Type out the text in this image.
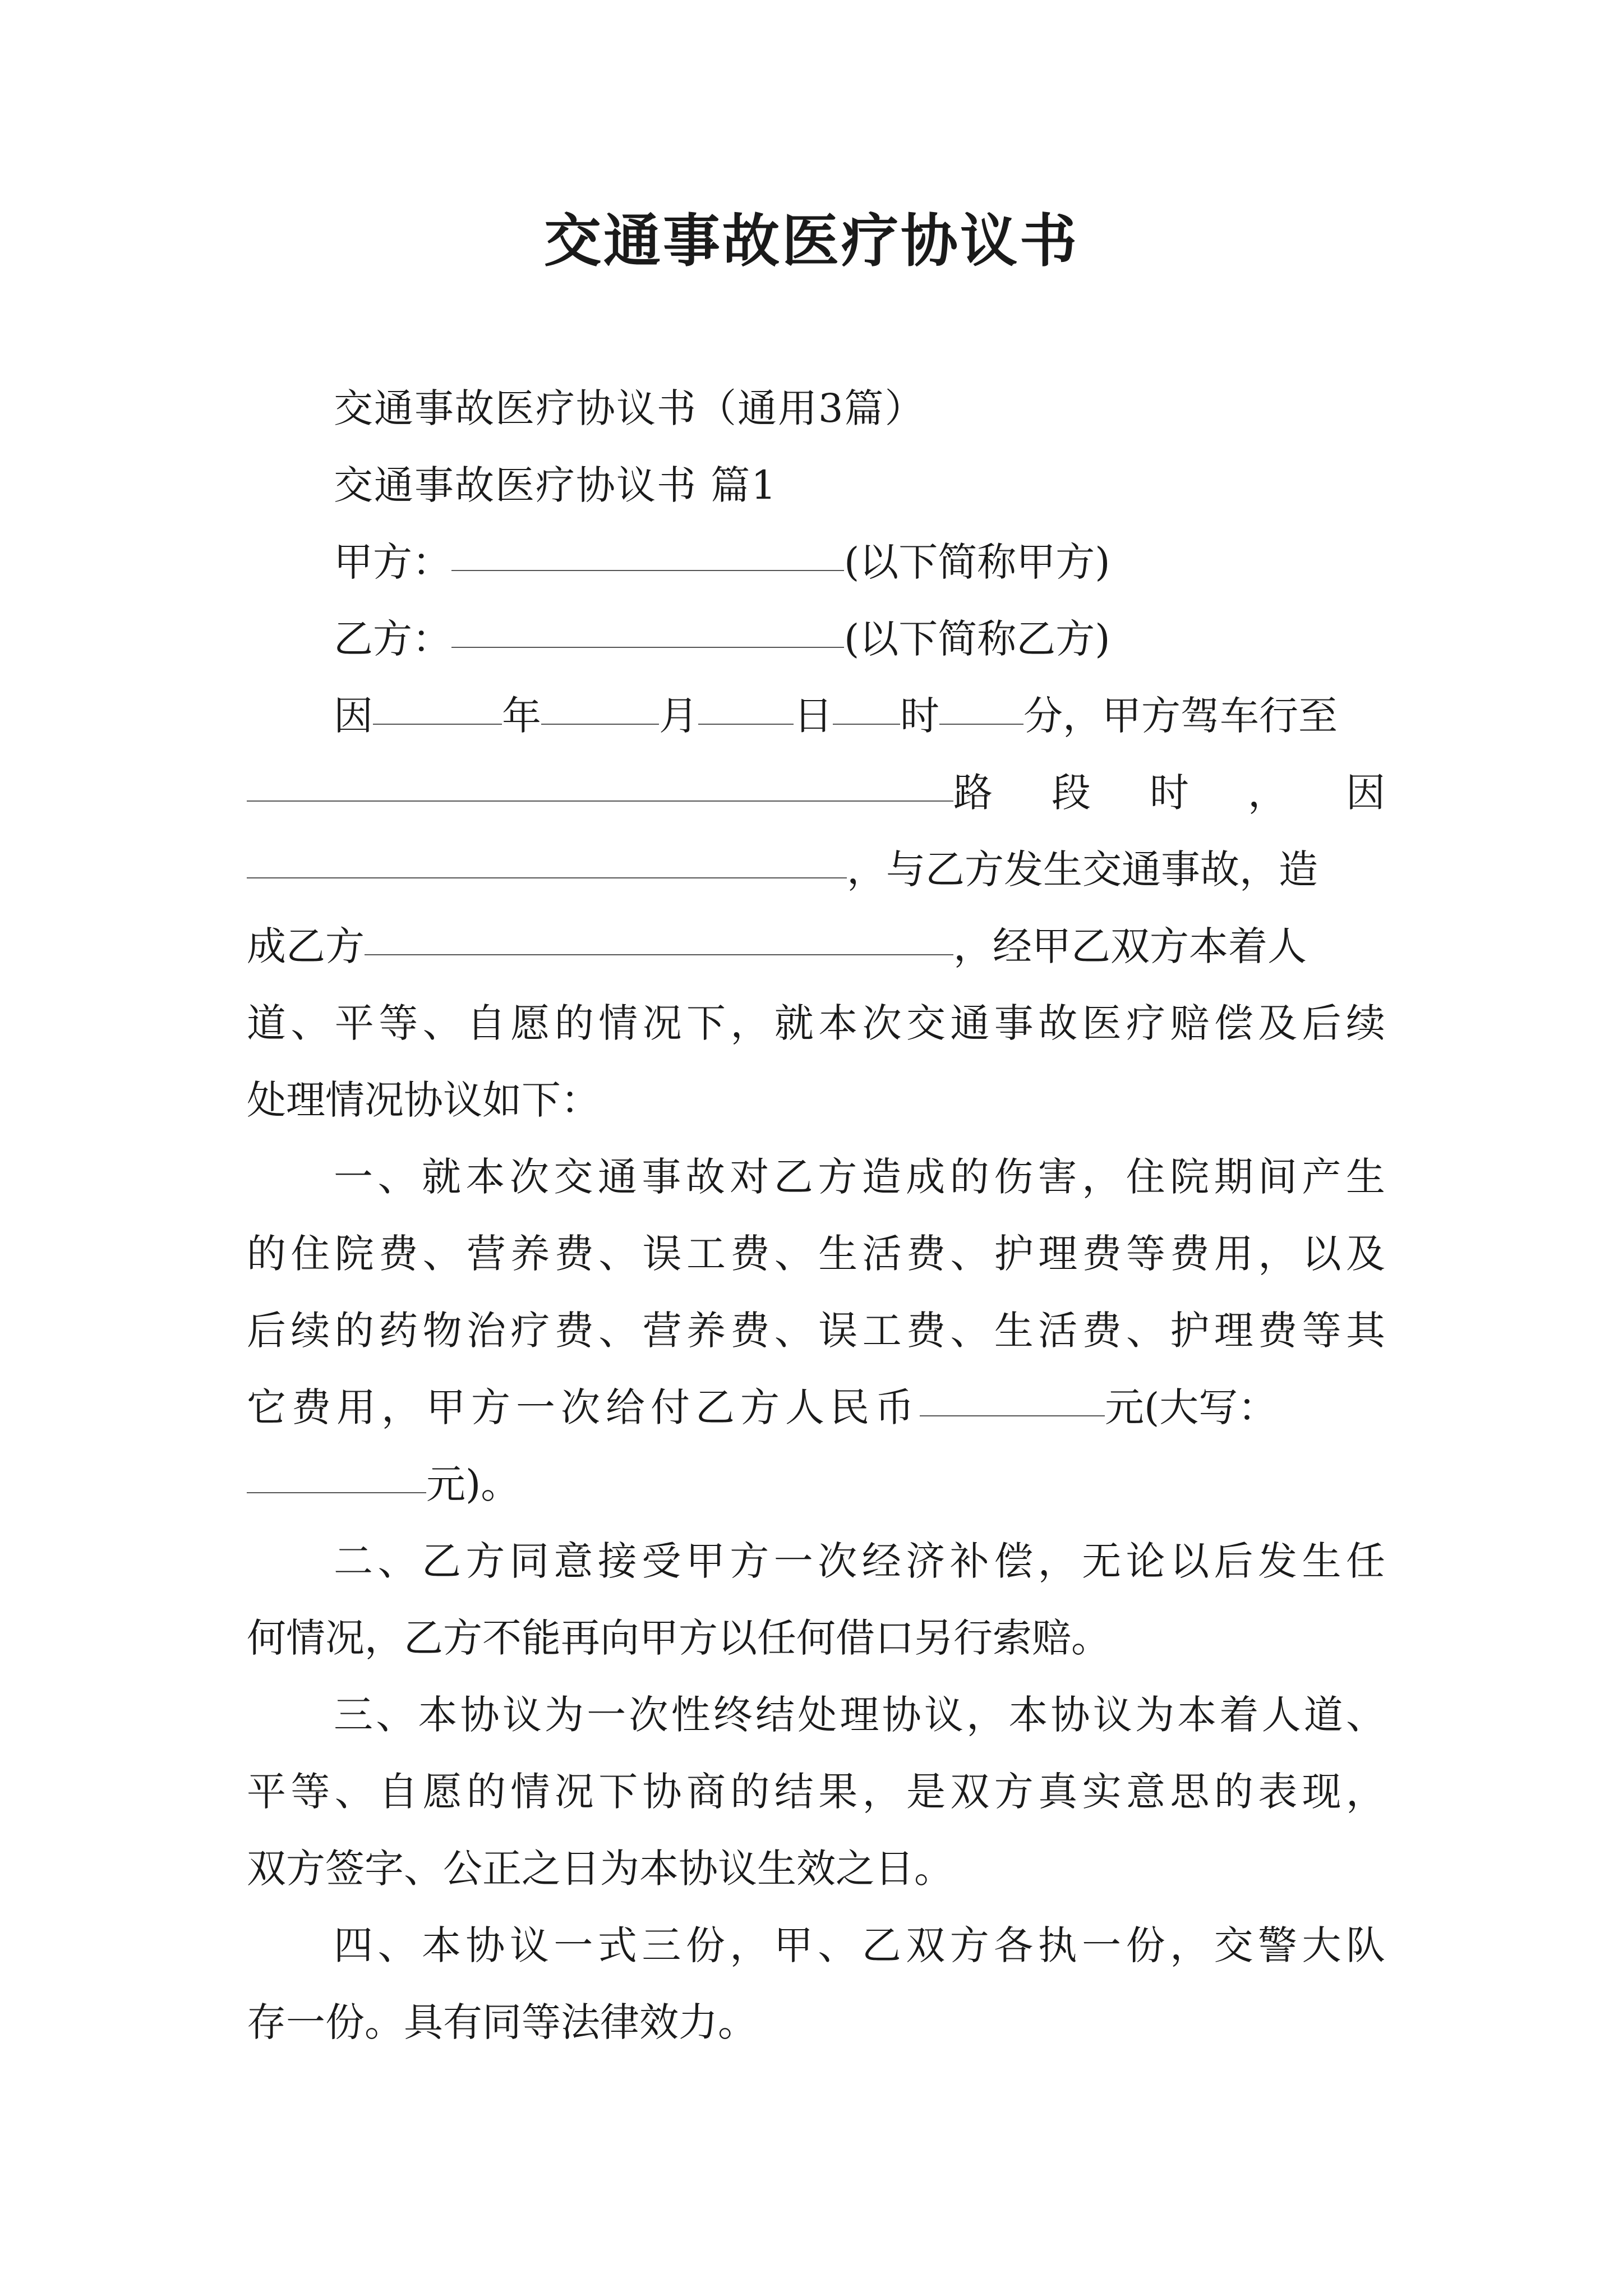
交通事故医疗协议书
交通事故医疗协议书（通用3篇）
交通事故医疗协议书 篇1
甲方：	(以下简称甲方)
乙方：	(以下简称乙方)
因	年	月 日 时 分，甲方驾车行至
路 段 时 ， 因
，与乙方发生交通事故，造
成乙方	，经甲乙双方本着人
道、平等、自愿的情况下，就本次交通事故医疗赔偿及后续
处理情况协议如下：
一、就本次交通事故对乙方造成的伤害，住院期间产生
的住院费、营养费、误工费、生活费、护理费等费用，以及
后续的药物治疗费、营养费、误工费、生活费、护理费等其
它费用，甲方一次给付乙方人民币	元(大写：
元)。
二、乙方同意接受甲方一次经济补偿，无论以后发生任
何情况，乙方不能再向甲方以任何借口另行索赔。
三、本协议为一次性终结处理协议，本协议为本着人道、
平等、自愿的情况下协商的结果，是双方真实意思的表现，
双方签字、公正之日为本协议生效之日。
四、本协议一式三份，甲、乙双方各执一份，交警大队
存一份。具有同等法律效力。
